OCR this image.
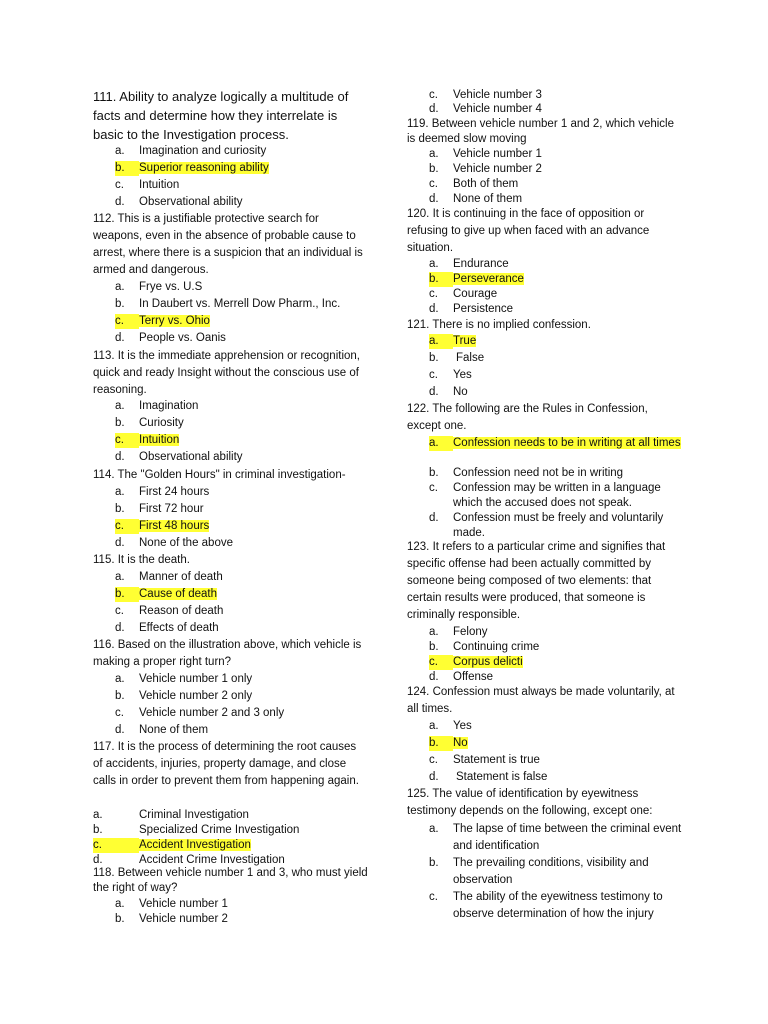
111. Ability to analyze logically a multitude of facts and determine how they interrelate is basic to the Investigation process.
a.	Imagination and curiosity
b.	Superior reasoning ability
c.	Intuition
d.	Observational ability
112. This is a justifiable protective search for weapons, even in the absence of probable cause to arrest, where there is a suspicion that an individual is armed and dangerous.
a.	Frye vs. U.S
b.	In Daubert vs. Merrell Dow Pharm., Inc.
c.	Terry vs. Ohio
d.	People vs. Oanis
113. It is the immediate apprehension or recognition, quick and ready Insight without the conscious use of reasoning.
a.	Imagination
b.	Curiosity
c.	Intuition
d.	Observational ability
114. The "Golden Hours" in criminal investigation-
a.	First 24 hours
b.	First 72 hour
c.	First 48 hours
d.	None of the above
115. It is the death.
a.	Manner of death
b.	Cause of death
c.	Reason of death
d.	Effects of death
116. Based on the illustration above, which vehicle is making a proper right turn?
a.	Vehicle number 1 only
b.	Vehicle number 2 only
c.	Vehicle number 2 and 3 only
d.	None of them
117. It is the process of determining the root causes of accidents, injuries, property damage, and close calls in order to prevent them from happening again.
a.	Criminal Investigation
b.	Specialized Crime Investigation
c.	Accident Investigation
d.	Accident Crime Investigation
118. Between vehicle number 1 and 3, who must yield the right of way?
a.	Vehicle number 1
b.	Vehicle number 2
c.	Vehicle number 3
d.	Vehicle number 4
119. Between vehicle number 1 and 2, which vehicle is deemed slow moving
a.	Vehicle number 1
b.	Vehicle number 2
c.	Both of them
d.	None of them
120. It is continuing in the face of opposition or refusing to give up when faced with an advance situation.
a.	Endurance
b.	Perseverance
c.	Courage
d.	Persistence
121. There is no implied confession.
a.	True
b.	False
c.	Yes
d.	No
122. The following are the Rules in Confession, except one.
a.	Confession needs to be in writing at all times
b.	Confession need not be in writing
c.	Confession may be written in a language which the accused does not speak.
d.	Confession must be freely and voluntarily made.
123. It refers to a particular crime and signifies that specific offense had been actually committed by someone being composed of two elements: that certain results were produced, that someone is criminally responsible.
a.	Felony
b.	Continuing crime
c.	Corpus delicti
d.	Offense
124. Confession must always be made voluntarily, at all times.
a.	Yes
b.	No
c.	Statement is true
d.	Statement is false
125. The value of identification by eyewitness testimony depends on the following, except one:
a.	The lapse of time between the criminal event and identification
b.	The prevailing conditions, visibility and observation
c.	The ability of the eyewitness testimony to observe determination of how the injury
